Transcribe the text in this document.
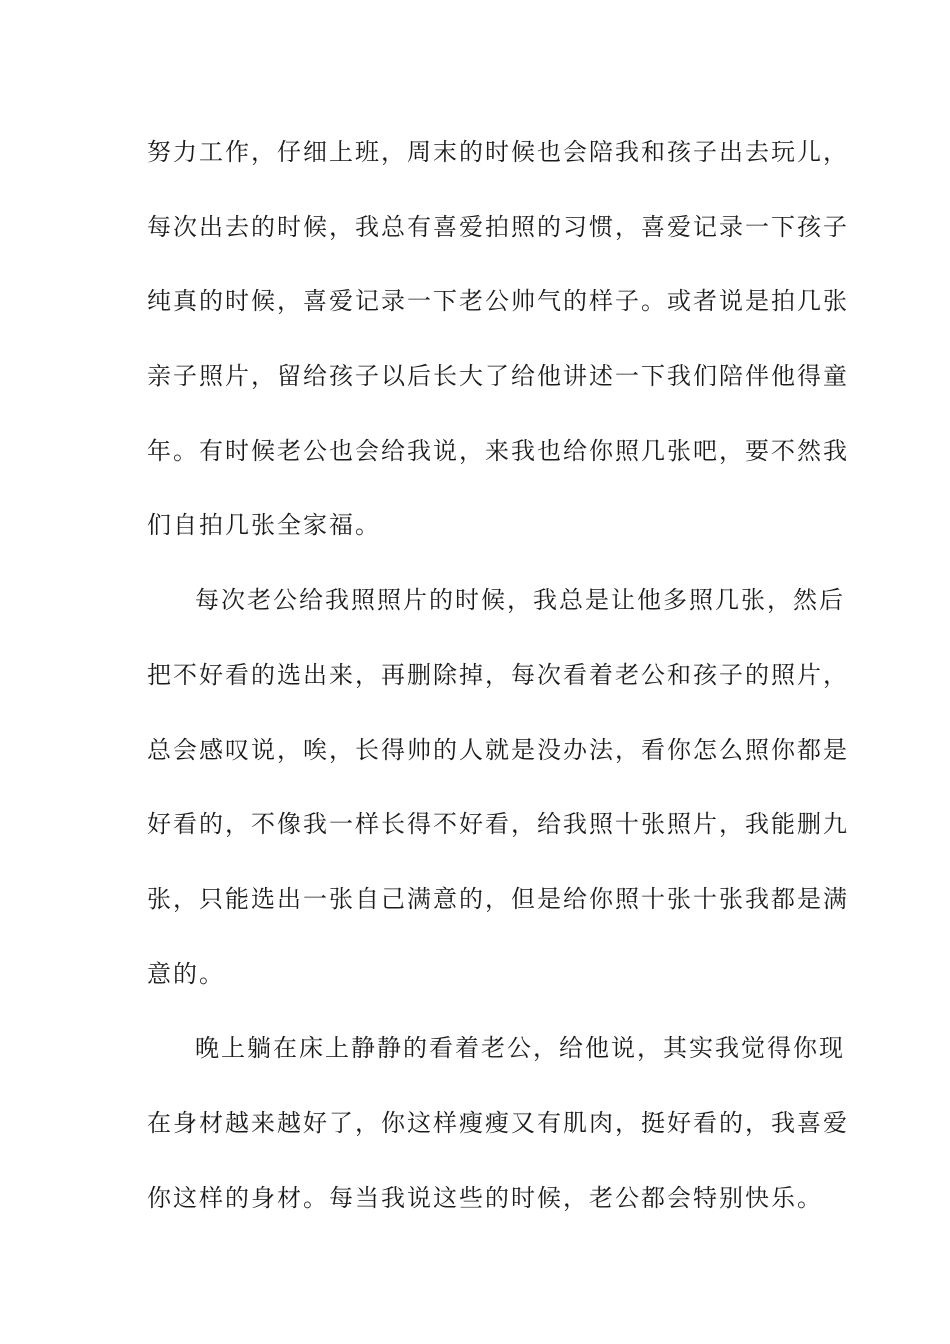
努力工作，仔细上班，周末的时候也会陪我和孩子出去玩儿，
每次出去的时候，我总有喜爱拍照的习惯，喜爱记录一下孩子
纯真的时候，喜爱记录一下老公帅气的样子。或者说是拍几张
亲子照片，留给孩子以后长大了给他讲述一下我们陪伴他得童
年。有时候老公也会给我说，来我也给你照几张吧，要不然我
们自拍几张全家福。
每次老公给我照照片的时候，我总是让他多照几张，然后
把不好看的选出来，再删除掉，每次看着老公和孩子的照片，
总会感叹说，唉，长得帅的人就是没办法，看你怎么照你都是
好看的，不像我一样长得不好看，给我照十张照片，我能删九
张，只能选出一张自己满意的，但是给你照十张十张我都是满
意的。
晚上躺在床上静静的看着老公，给他说，其实我觉得你现
在身材越来越好了，你这样瘦瘦又有肌肉，挺好看的，我喜爱
你这样的身材。每当我说这些的时候，老公都会特别快乐。
